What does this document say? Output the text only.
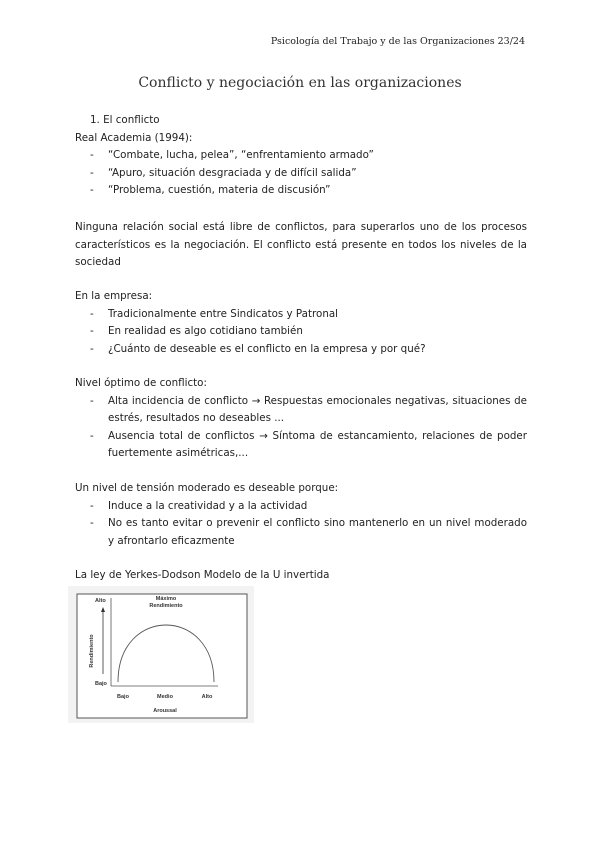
Psicología del Trabajo y de las Organizaciones 23/24
Conflicto y negociación en las organizaciones
1. El conflicto
Real Academia (1994):
- “Combate, lucha, pelea”, “enfrentamiento armado”
- “Apuro, situación desgraciada y de difícil salida”
- “Problema, cuestión, materia de discusión”
Ninguna relación social está libre de conflictos, para superarlos uno de los procesos característicos es la negociación. El conflicto está presente en todos los niveles de la sociedad
En la empresa:
- Tradicionalmente entre Sindicatos y Patronal
- En realidad es algo cotidiano también
- ¿Cuánto de deseable es el conflicto en la empresa y por qué?
Nivel óptimo de conflicto:
- Alta incidencia de conflicto → Respuestas emocionales negativas, situaciones de estrés, resultados no deseables ...
- Ausencia total de conflictos → Síntoma de estancamiento, relaciones de poder fuertemente asimétricas,...
Un nivel de tensión moderado es deseable porque:
- Induce a la creatividad y a la actividad
- No es tanto evitar o prevenir el conflicto sino mantenerlo en un nivel moderado y afrontarlo eficazmente
La ley de Yerkes-Dodson Modelo de la U invertida
Alto
Bajo
Rendimiento
Máximo
Rendimiento
Bajo	Medio	Alto
Aroussal
